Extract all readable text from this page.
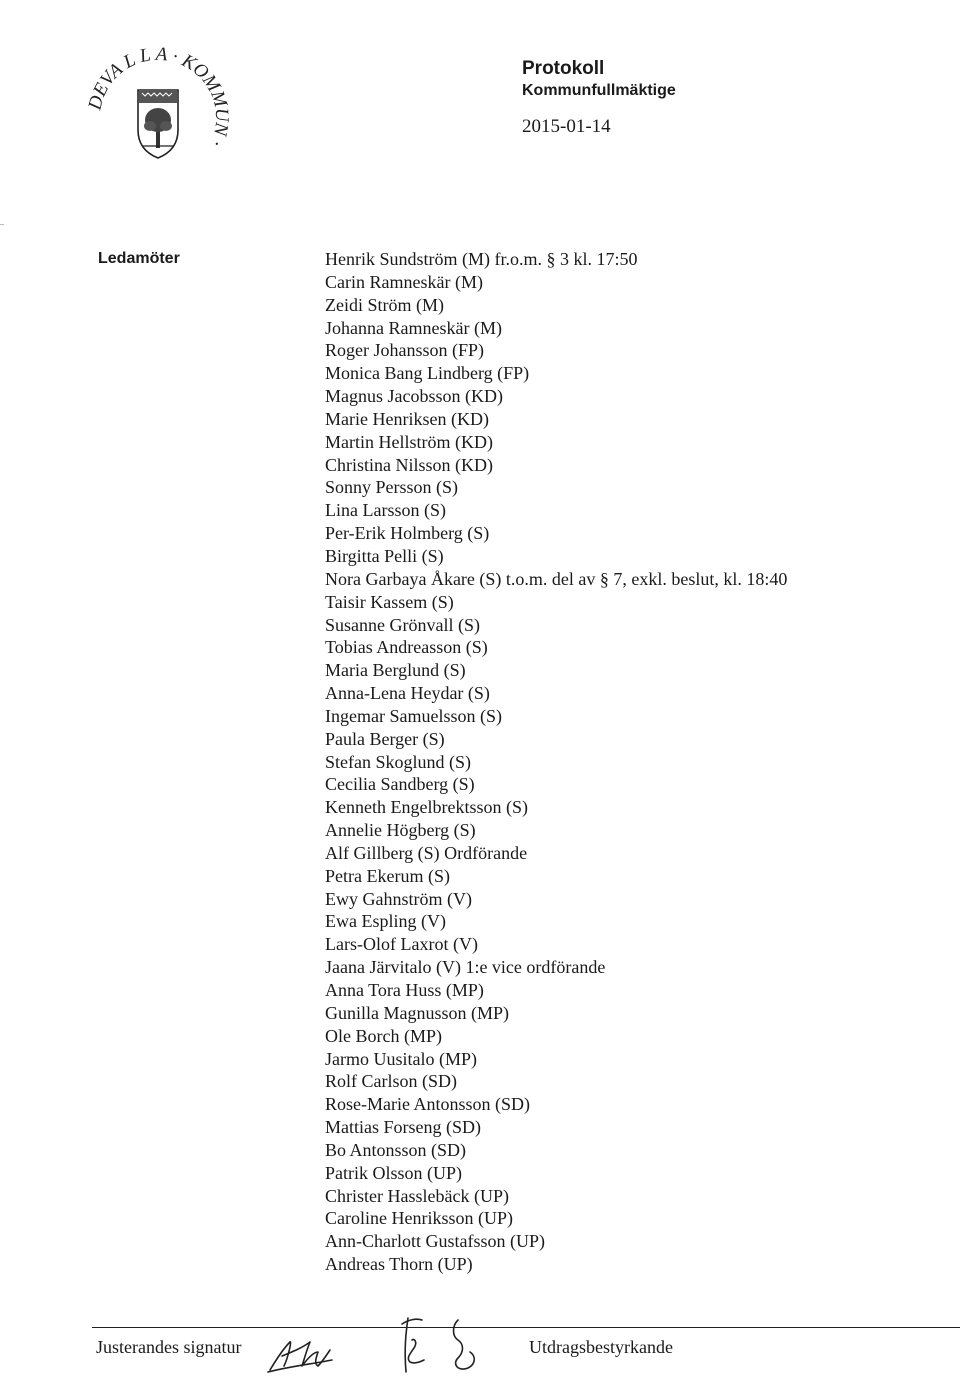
DEVA L L A · KOMMUN ·
Protokoll
Kommunfullmäktige
2015-01-14
Ledamöter	Henrik Sundström (M) fr.o.m. § 3 kl. 17:50
Carin Ramneskär (M)
Zeidi Ström (M)
Johanna Ramneskär (M)
Roger Johansson (FP)
Monica Bang Lindberg (FP)
Magnus Jacobsson (KD)
Marie Henriksen (KD)
Martin Hellström (KD)
Christina Nilsson (KD)
Sonny Persson (S)
Lina Larsson (S)
Per-Erik Holmberg (S)
Birgitta Pelli (S)
Nora Garbaya Åkare (S) t.o.m. del av § 7, exkl. beslut, kl. 18:40
Taisir Kassem (S)
Susanne Grönvall (S)
Tobias Andreasson (S)
Maria Berglund (S)
Anna-Lena Heydar (S)
Ingemar Samuelsson (S)
Paula Berger (S)
Stefan Skoglund (S)
Cecilia Sandberg (S)
Kenneth Engelbrektsson (S)
Annelie Högberg (S)
Alf Gillberg (S) Ordförande
Petra Ekerum (S)
Ewy Gahnström (V)
Ewa Espling (V)
Lars-Olof Laxrot (V)
Jaana Järvitalo (V) 1:e vice ordförande
Anna Tora Huss (MP)
Gunilla Magnusson (MP)
Ole Borch (MP)
Jarmo Uusitalo (MP)
Rolf Carlson (SD)
Rose-Marie Antonsson (SD)
Mattias Forseng (SD)
Bo Antonsson (SD)
Patrik Olsson (UP)
Christer Hasslebäck (UP)
Caroline Henriksson (UP)
Ann-Charlott Gustafsson (UP)
Andreas Thorn (UP)
Justerandes signatur	Utdragsbestyrkande
